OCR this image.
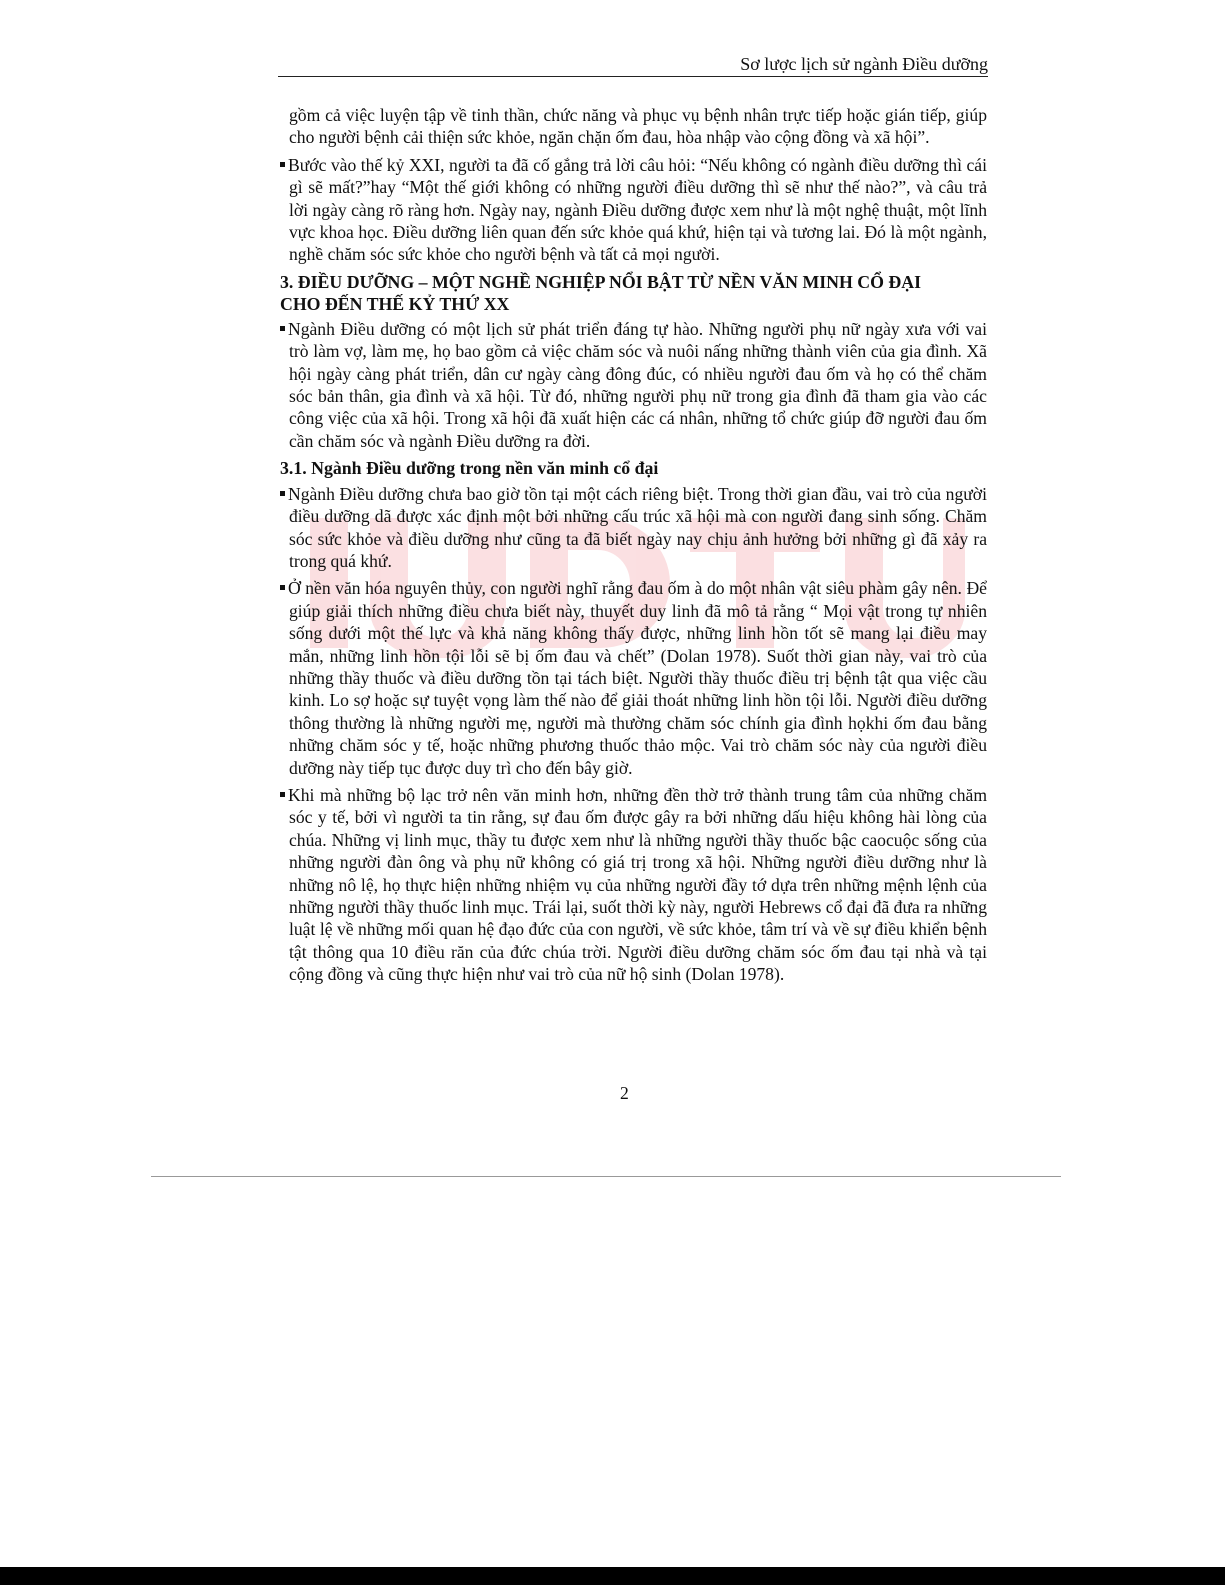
Sơ lược lịch sử ngành Điều dưỡng

gồm cả việc luyện tập về tinh thần, chức năng và phục vụ bệnh nhân trực tiếp hoặc gián tiếp, giúp cho người bệnh cải thiện sức khỏe, ngăn chặn ốm đau, hòa nhập vào cộng đồng và xã hội”.

Bước vào thế kỷ XXI, người ta đã cố gắng trả lời câu hỏi: “Nếu không có ngành điều dưỡng thì cái gì sẽ mất?”hay “Một thế giới không có những người điều dưỡng thì sẽ như thế nào?”, và câu trả lời ngày càng rõ ràng hơn. Ngày nay, ngành Điều dưỡng được xem như là một nghệ thuật, một lĩnh vực khoa học. Điều dưỡng liên quan đến sức khỏe quá khứ, hiện tại và tương lai. Đó là một ngành, nghề chăm sóc sức khỏe cho người bệnh và tất cả mọi người.

3. ĐIỀU DƯỠNG – MỘT NGHỀ NGHIỆP NỔI BẬT TỪ NỀN VĂN MINH CỔ ĐẠI CHO ĐẾN THẾ KỶ THỨ XX

Ngành Điều dưỡng có một lịch sử phát triển đáng tự hào. Những người phụ nữ ngày xưa với vai trò làm vợ, làm mẹ, họ bao gồm cả việc chăm sóc và nuôi nấng những thành viên của gia đình. Xã hội ngày càng phát triển, dân cư ngày càng đông đúc, có nhiều người đau ốm và họ có thể chăm sóc bản thân, gia đình và xã hội. Từ đó, những người phụ nữ trong gia đình đã tham gia vào các công việc của xã hội. Trong xã hội đã xuất hiện các cá nhân, những tổ chức giúp đỡ người đau ốm cần chăm sóc và ngành Điều dưỡng ra đời.

3.1. Ngành Điều dưỡng trong nền văn minh cổ đại

Ngành Điều dưỡng chưa bao giờ tồn tại một cách riêng biệt. Trong thời gian đầu, vai trò của người điều dưỡng dã được xác định một bởi những cấu trúc xã hội mà con người đang sinh sống. Chăm sóc sức khỏe và điều dưỡng như cũng ta đã biết ngày nay chịu ảnh hưởng bởi những gì đã xảy ra trong quá khứ.

Ở nền văn hóa nguyên thủy, con người nghĩ rằng đau ốm à do một nhân vật siêu phàm gây nên. Để giúp giải thích những điều chưa biết này, thuyết duy linh đã mô tả rằng “ Mọi vật trong tự nhiên sống dưới một thế lực và khả năng không thấy được, những linh hồn tốt sẽ mang lại điều may mắn, những linh hồn tội lỗi sẽ bị ốm đau và chết” (Dolan 1978). Suốt thời gian này, vai trò của những thầy thuốc và điều dưỡng tồn tại tách biệt. Người thầy thuốc điều trị bệnh tật qua việc cầu kinh. Lo sợ hoặc sự tuyệt vọng làm thế nào để giải thoát những linh hồn tội lỗi. Người điều dưỡng thông thường là những người mẹ, người mà thường chăm sóc chính gia đình họkhi ốm đau bằng những chăm sóc y tế, hoặc những phương thuốc thảo mộc. Vai trò chăm sóc này của người điều dưỡng này tiếp tục được duy trì cho đến bây giờ.

Khi mà những bộ lạc trở nên văn minh hơn, những đền thờ trở thành trung tâm của những chăm sóc y tế, bởi vì người ta tin rằng, sự đau ốm được gây ra bởi những dấu hiệu không hài lòng của chúa. Những vị linh mục, thầy tu được xem như là những người thầy thuốc bậc caocuộc sống của những người đàn ông và phụ nữ không có giá trị trong xã hội. Những người điều dưỡng như là những nô lệ, họ thực hiện những nhiệm vụ của những người đầy tớ dựa trên những mệnh lệnh của những người thầy thuốc linh mục. Trái lại, suốt thời kỳ này, người Hebrews cổ đại đã đưa ra những luật lệ về những mối quan hệ đạo đức của con người, về sức khỏe, tâm trí và về sự điều khiển bệnh tật thông qua 10 điều răn của đức chúa trời. Người điều dưỡng chăm sóc ốm đau tại nhà và tại cộng đồng và cũng thực hiện như vai trò của nữ hộ sinh (Dolan 1978).

2
